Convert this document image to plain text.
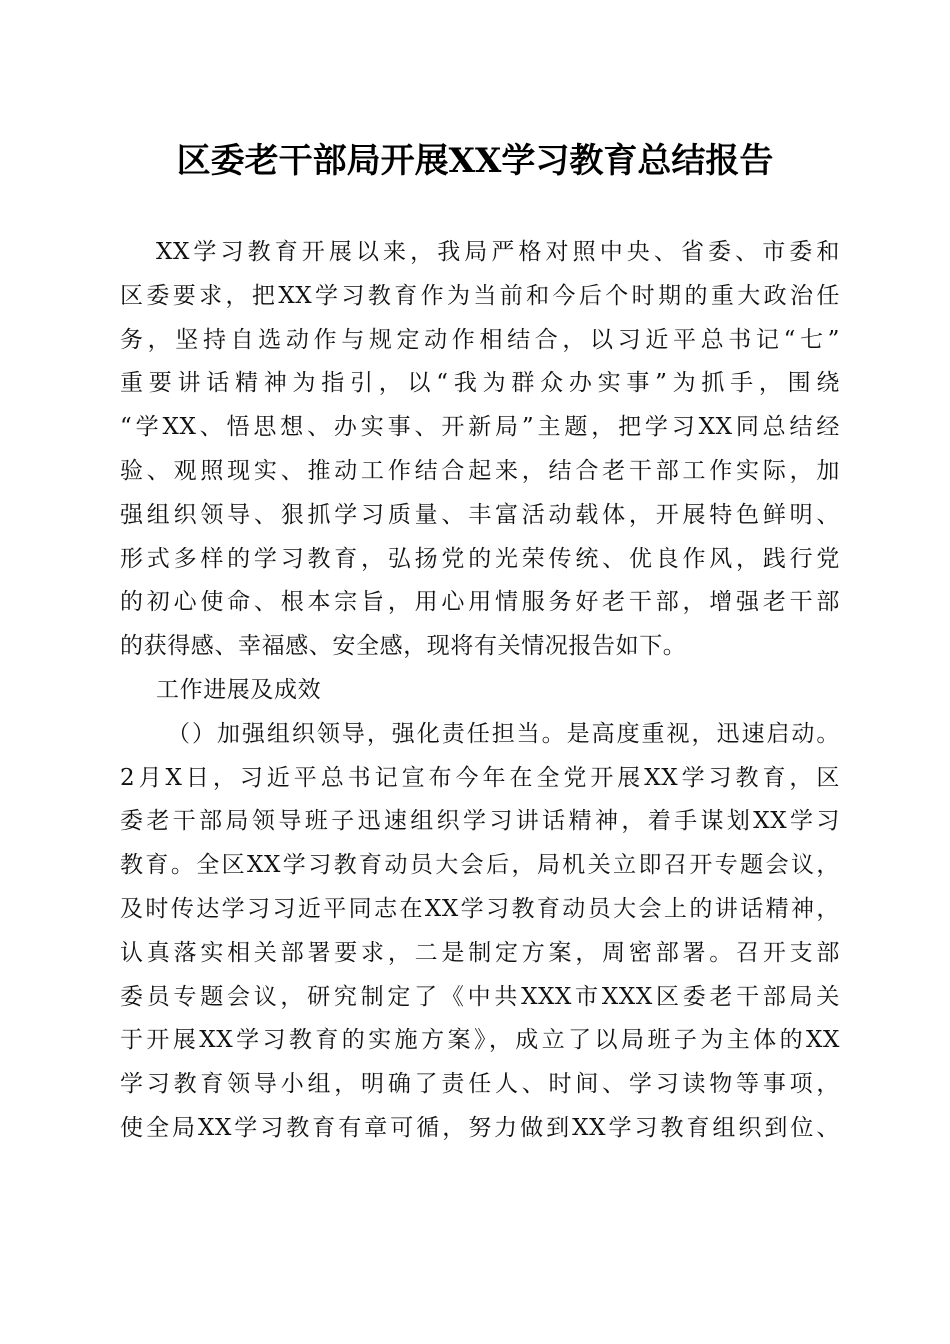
区委老干部局开展XX学习教育总结报告
XX学习教育开展以来，我局严格对照中央、省委、市委和
区委要求，把XX学习教育作为当前和今后个时期的重大政治任
务，坚持自选动作与规定动作相结合，以习近平总书记“七”
重要讲话精神为指引，以“我为群众办实事”为抓手，围绕
“学XX、悟思想、办实事、开新局”主题，把学习XX同总结经
验、观照现实、推动工作结合起来，结合老干部工作实际，加
强组织领导、狠抓学习质量、丰富活动载体，开展特色鲜明、
形式多样的学习教育，弘扬党的光荣传统、优良作风，践行党
的初心使命、根本宗旨，用心用情服务好老干部，增强老干部
的获得感、幸福感、安全感，现将有关情况报告如下。
工作进展及成效
（）加强组织领导，强化责任担当。是高度重视，迅速启动。
2月X日，习近平总书记宣布今年在全党开展XX学习教育，区
委老干部局领导班子迅速组织学习讲话精神，着手谋划XX学习
教育。全区XX学习教育动员大会后，局机关立即召开专题会议，
及时传达学习习近平同志在XX学习教育动员大会上的讲话精神，
认真落实相关部署要求，二是制定方案，周密部署。召开支部
委员专题会议，研究制定了《中共XXX市XXX区委老干部局关
于开展XX学习教育的实施方案》，成立了以局班子为主体的XX
学习教育领导小组，明确了责任人、时间、学习读物等事项，
使全局XX学习教育有章可循，努力做到XX学习教育组织到位、
